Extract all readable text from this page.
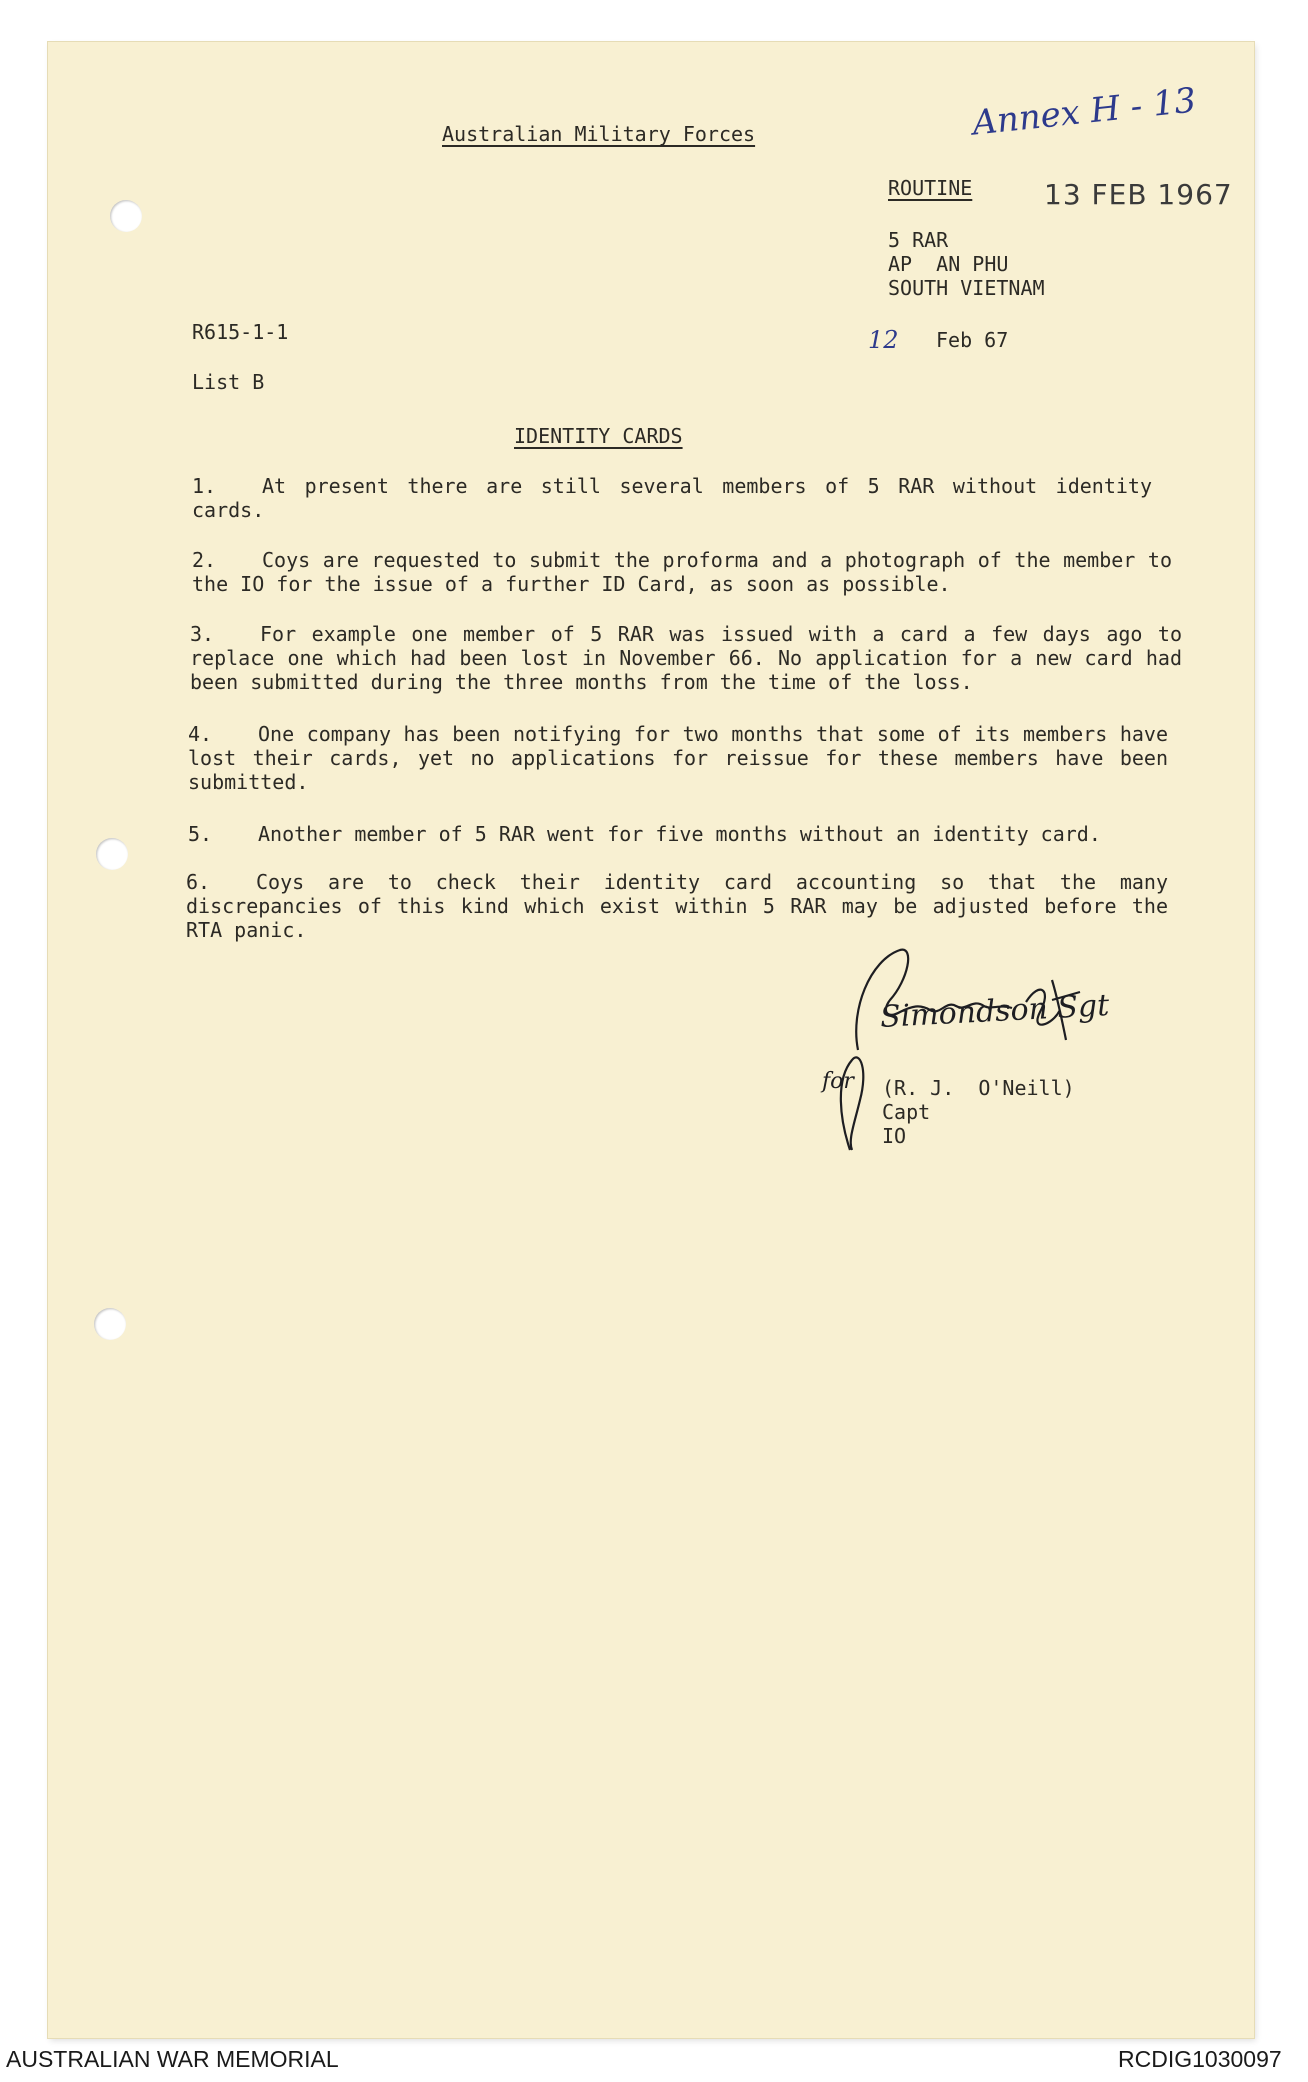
Australian Military Forces	Annex H - 13
ROUTINE	13 FEB 1967
5 RAR
AP  AN PHU
SOUTH VIETNAM
R615-1-1	12 Feb 67
List B
IDENTITY CARDS
1. At present there are still several members of 5 RAR without identity cards.
2. Coys are requested to submit the proforma and a photograph of the member to the IO for the issue of a further ID Card, as soon as possible.
3. For example one member of 5 RAR was issued with a card a few days ago to replace one which had been lost in November 66. No application for a new card had been submitted during the three months from the time of the loss.
4. One company has been notifying for two months that some of its members have lost their cards, yet no applications for reissue for these members have been submitted.
5. Another member of 5 RAR went for five months without an identity card.
6. Coys are to check their identity card accounting so that the many discrepancies of this kind which exist within 5 RAR may be adjusted before the RTA panic.
for
Simondson Sgt
(R. J.  O'Neill)
Capt
IO
AUSTRALIAN WAR MEMORIAL	RCDIG1030097
